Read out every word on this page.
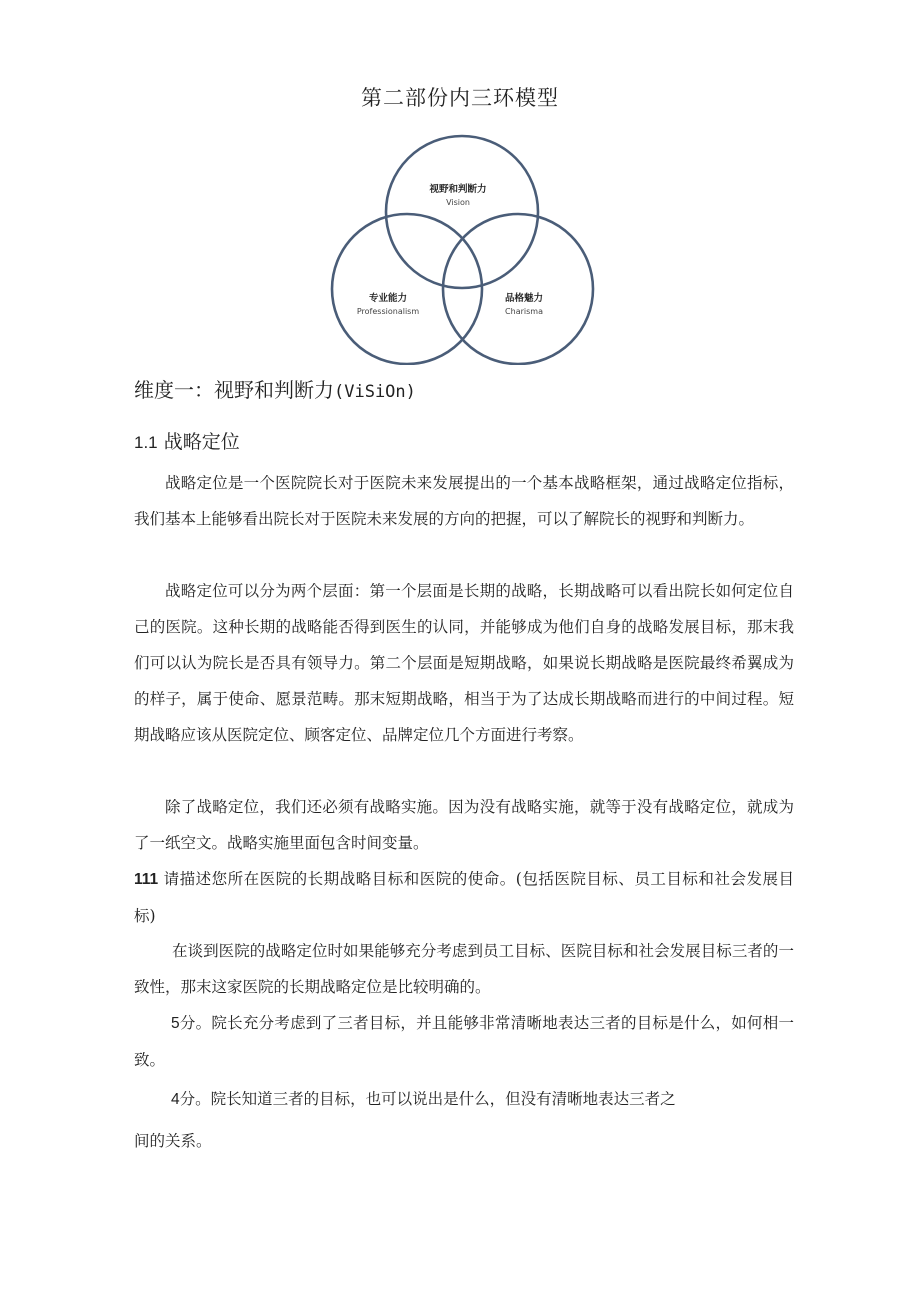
第二部份内三环模型
视野和判断力
Vision
专业能力
Professionalism
品格魅力
Charisma
维度一：视野和判断力(ViSiOn)
1.1 战略定位

战略定位是一个医院院长对于医院未来发展提出的一个基本战略框架，通过战略定位指标，我们基本上能够看出院长对于医院未来发展的方向的把握，可以了解院长的视野和判断力。

战略定位可以分为两个层面：第一个层面是长期的战略，长期战略可以看出院长如何定位自己的医院。这种长期的战略能否得到医生的认同，并能够成为他们自身的战略发展目标，那末我们可以认为院长是否具有领导力。第二个层面是短期战略，如果说长期战略是医院最终希翼成为的样子，属于使命、愿景范畴。那末短期战略，相当于为了达成长期战略而进行的中间过程。短期战略应该从医院定位、顾客定位、品牌定位几个方面进行考察。

除了战略定位，我们还必须有战略实施。因为没有战略实施，就等于没有战略定位，就成为了一纸空文。战略实施里面包含时间变量。

111 请描述您所在医院的长期战略目标和医院的使命。(包括医院目标、员工目标和社会发展目标)

在谈到医院的战略定位时如果能够充分考虑到员工目标、医院目标和社会发展目标三者的一致性，那末这家医院的长期战略定位是比较明确的。

5分。院长充分考虑到了三者目标，并且能够非常清晰地表达三者的目标是什么，如何相一致。

4分。院长知道三者的目标，也可以说出是什么，但没有清晰地表达三者之

间的关系。
